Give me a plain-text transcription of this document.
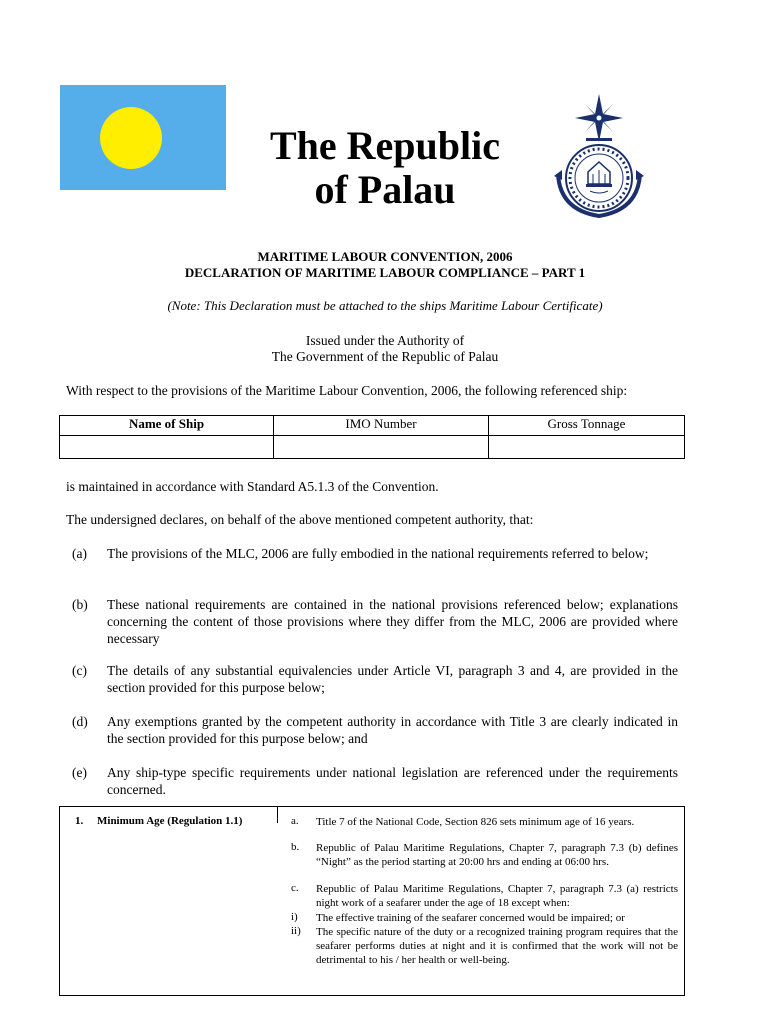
The Republic
of Palau
MARITIME LABOUR CONVENTION, 2006
DECLARATION OF MARITIME LABOUR COMPLIANCE – PART 1
(Note: This Declaration must be attached to the ships Maritime Labour Certificate)
Issued under the Authority of
The Government of the Republic of Palau
With respect to the provisions of the Maritime Labour Convention, 2006, the following referenced ship:
Name of Ship	IMO Number	Gross Tonnage

is maintained in accordance with Standard A5.1.3 of the Convention.
The undersigned declares, on behalf of the above mentioned competent authority, that:
(a) The provisions of the MLC, 2006 are fully embodied in the national requirements referred to below;
(b) These national requirements are contained in the national provisions referenced below; explanations concerning the content of those provisions where they differ from the MLC, 2006 are provided where necessary
(c) The details of any substantial equivalencies under Article VI, paragraph 3 and 4, are provided in the section provided for this purpose below;
(d) Any exemptions granted by the competent authority in accordance with Title 3 are clearly indicated in the section provided for this purpose below; and
(e) Any ship-type specific requirements under national legislation are referenced under the requirements concerned.
1. Minimum Age (Regulation 1.1)	a. Title 7 of the National Code, Section 826 sets minimum age of 16 years.
b. Republic of Palau Maritime Regulations, Chapter 7, paragraph 7.3 (b) defines “Night” as the period starting at 20:00 hrs and ending at 06:00 hrs.
c. Republic of Palau Maritime Regulations, Chapter 7, paragraph 7.3 (a) restricts night work of a seafarer under the age of 18 except when:
i) The effective training of the seafarer concerned would be impaired; or
ii) The specific nature of the duty or a recognized training program requires that the seafarer performs duties at night and it is confirmed that the work will not be detrimental to his / her health or well-being.
